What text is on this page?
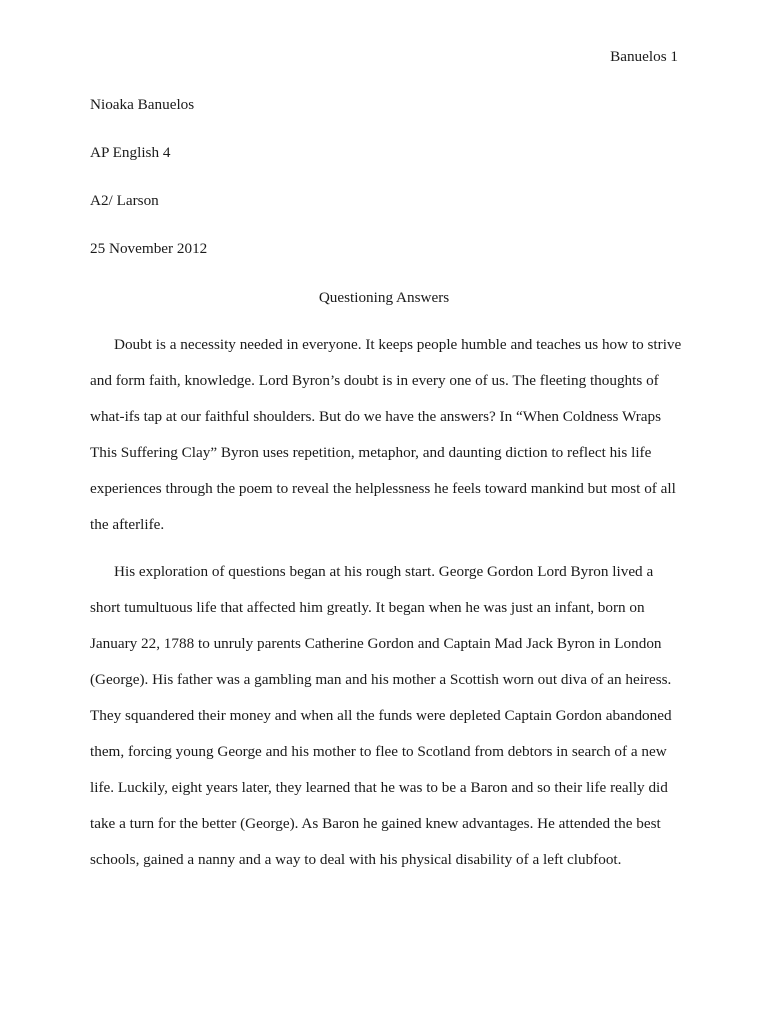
Banuelos 1
Nioaka Banuelos
AP English 4
A2/ Larson
25 November 2012
Questioning Answers
Doubt is a necessity needed in everyone. It keeps people humble and teaches us how to strive
and form faith, knowledge. Lord Byron’s doubt is in every one of us. The fleeting thoughts of
what-ifs tap at our faithful shoulders. But do we have the answers? In “When Coldness Wraps
This Suffering Clay” Byron uses repetition, metaphor, and daunting diction to reflect his life
experiences through the poem to reveal the helplessness he feels toward mankind but most of all
the afterlife.
His exploration of questions began at his rough start. George Gordon Lord Byron lived a
short tumultuous life that affected him greatly. It began when he was just an infant, born on
January 22, 1788 to unruly parents Catherine Gordon and Captain Mad Jack Byron in London
(George). His father was a gambling man and his mother a Scottish worn out diva of an heiress.
They squandered their money and when all the funds were depleted Captain Gordon abandoned
them, forcing young George and his mother to flee to Scotland from debtors in search of a new
life. Luckily, eight years later, they learned that he was to be a Baron and so their life really did
take a turn for the better (George). As Baron he gained knew advantages. He attended the best
schools, gained a nanny and a way to deal with his physical disability of a left clubfoot.
